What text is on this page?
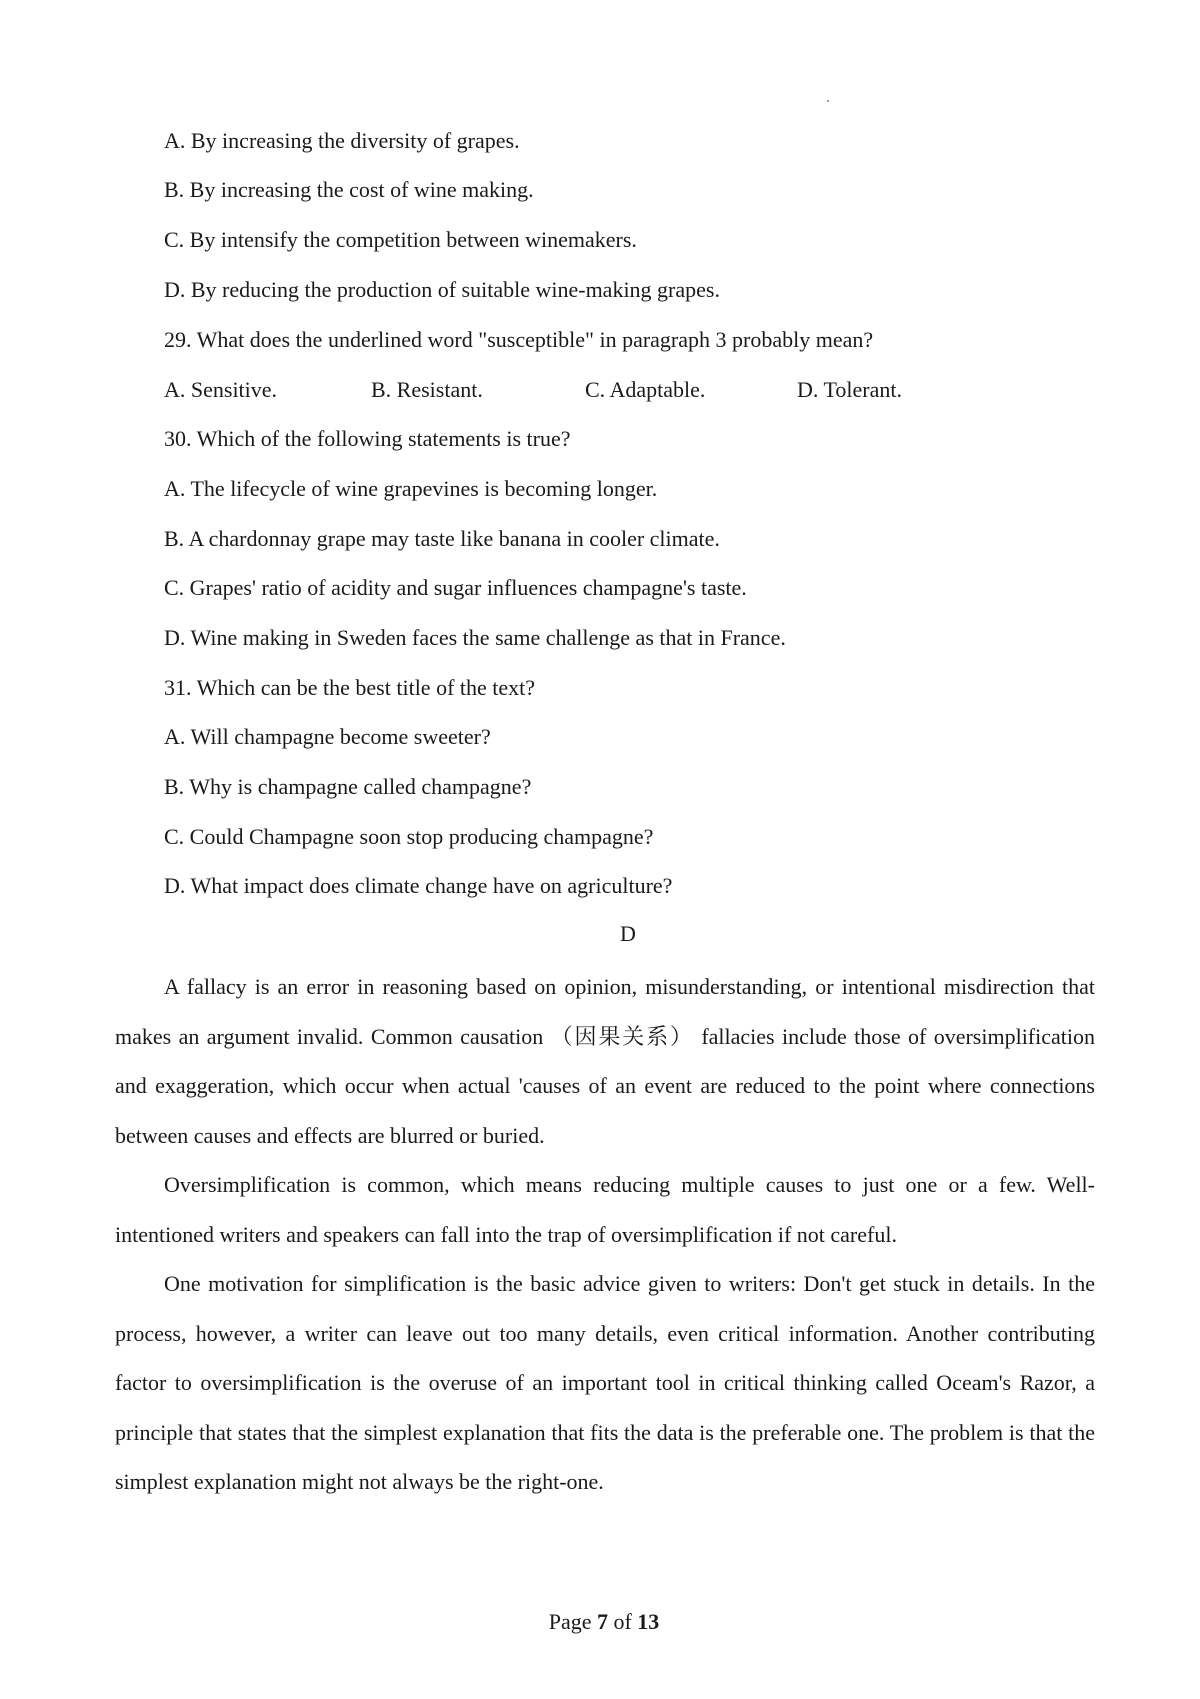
A. By increasing the diversity of grapes.
B. By increasing the cost of wine making.
C. By intensify the competition between winemakers.
D. By reducing the production of suitable wine-making grapes.
29. What does the underlined word "susceptible" in paragraph 3 probably mean?
A. Sensitive.	B. Resistant.	C. Adaptable.	D. Tolerant.
30. Which of the following statements is true?
A. The lifecycle of wine grapevines is becoming longer.
B. A chardonnay grape may taste like banana in cooler climate.
C. Grapes' ratio of acidity and sugar influences champagne's taste.
D. Wine making in Sweden faces the same challenge as that in France.
31. Which can be the best title of the text?
A. Will champagne become sweeter?
B. Why is champagne called champagne?
C. Could Champagne soon stop producing champagne?
D. What impact does climate change have on agriculture?
D

A fallacy is an error in reasoning based on opinion, misunderstanding, or intentional misdirection that makes an argument invalid. Common causation （因果关系） fallacies include those of oversimplification and exaggeration, which occur when actual 'causes of an event are reduced to the point where connections between causes and effects are blurred or buried.

Oversimplification is common, which means reducing multiple causes to just one or a few. Well-intentioned writers and speakers can fall into the trap of oversimplification if not careful.

One motivation for simplification is the basic advice given to writers: Don't get stuck in details. In the process, however, a writer can leave out too many details, even critical information. Another contributing factor to oversimplification is the overuse of an important tool in critical thinking called Oceam's Razor, a principle that states that the simplest explanation that fits the data is the preferable one. The problem is that the simplest explanation might not always be the right-one.

Page 7 of 13
